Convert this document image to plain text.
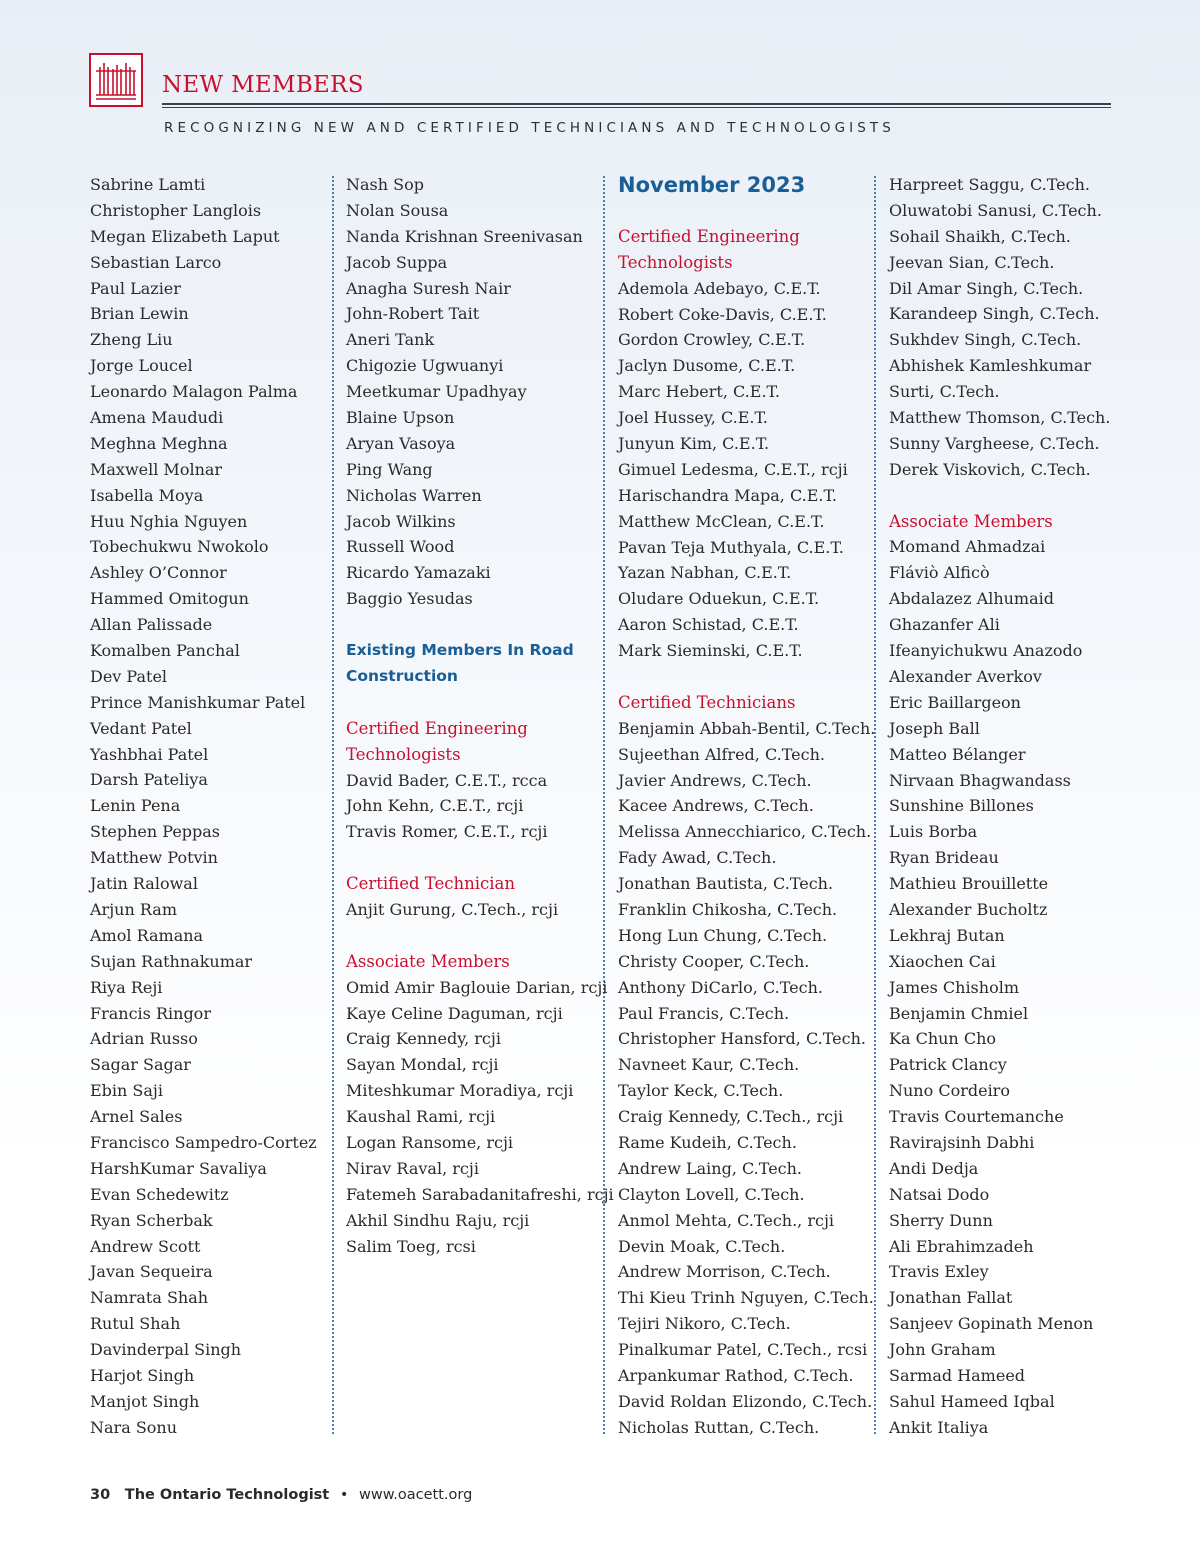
NEW MEMBERS
RECOGNIZING NEW AND CERTIFIED TECHNICIANS AND TECHNOLOGISTS
Sabrine Lamti
Christopher Langlois
Megan Elizabeth Laput
Sebastian Larco
Paul Lazier
Brian Lewin
Zheng Liu
Jorge Loucel
Leonardo Malagon Palma
Amena Maududi
Meghna Meghna
Maxwell Molnar
Isabella Moya
Huu Nghia Nguyen
Tobechukwu Nwokolo
Ashley O’Connor
Hammed Omitogun
Allan Palissade
Komalben Panchal
Dev Patel
Prince Manishkumar Patel
Vedant Patel
Yashbhai Patel
Darsh Pateliya
Lenin Pena
Stephen Peppas
Matthew Potvin
Jatin Ralowal
Arjun Ram
Amol Ramana
Sujan Rathnakumar
Riya Reji
Francis Ringor
Adrian Russo
Sagar Sagar
Ebin Saji
Arnel Sales
Francisco Sampedro-Cortez
HarshKumar Savaliya
Evan Schedewitz
Ryan Scherbak
Andrew Scott
Javan Sequeira
Namrata Shah
Rutul Shah
Davinderpal Singh
Harjot Singh
Manjot Singh
Nara Sonu
Nash Sop
Nolan Sousa
Nanda Krishnan Sreenivasan
Jacob Suppa
Anagha Suresh Nair
John-Robert Tait
Aneri Tank
Chigozie Ugwuanyi
Meetkumar Upadhyay
Blaine Upson
Aryan Vasoya
Ping Wang
Nicholas Warren
Jacob Wilkins
Russell Wood
Ricardo Yamazaki
Baggio Yesudas
Existing Members In Road
Construction
Certified Engineering
Technologists
David Bader, C.E.T., rcca
John Kehn, C.E.T., rcji
Travis Romer, C.E.T., rcji
Certified Technician
Anjit Gurung, C.Tech., rcji
Associate Members
Omid Amir Baglouie Darian, rcji
Kaye Celine Daguman, rcji
Craig Kennedy, rcji
Sayan Mondal, rcji
Miteshkumar Moradiya, rcji
Kaushal Rami, rcji
Logan Ransome, rcji
Nirav Raval, rcji
Fatemeh Sarabadanitafreshi, rcji
Akhil Sindhu Raju, rcji
Salim Toeg, rcsi
November 2023
Certified Engineering
Technologists
Ademola Adebayo, C.E.T.
Robert Coke-Davis, C.E.T.
Gordon Crowley, C.E.T.
Jaclyn Dusome, C.E.T.
Marc Hebert, C.E.T.
Joel Hussey, C.E.T.
Junyun Kim, C.E.T.
Gimuel Ledesma, C.E.T., rcji
Harischandra Mapa, C.E.T.
Matthew McClean, C.E.T.
Pavan Teja Muthyala, C.E.T.
Yazan Nabhan, C.E.T.
Oludare Oduekun, C.E.T.
Aaron Schistad, C.E.T.
Mark Sieminski, C.E.T.
Certified Technicians
Benjamin Abbah-Bentil, C.Tech.
Sujeethan Alfred, C.Tech.
Javier Andrews, C.Tech.
Kacee Andrews, C.Tech.
Melissa Annecchiarico, C.Tech.
Fady Awad, C.Tech.
Jonathan Bautista, C.Tech.
Franklin Chikosha, C.Tech.
Hong Lun Chung, C.Tech.
Christy Cooper, C.Tech.
Anthony DiCarlo, C.Tech.
Paul Francis, C.Tech.
Christopher Hansford, C.Tech.
Navneet Kaur, C.Tech.
Taylor Keck, C.Tech.
Craig Kennedy, C.Tech., rcji
Rame Kudeih, C.Tech.
Andrew Laing, C.Tech.
Clayton Lovell, C.Tech.
Anmol Mehta, C.Tech., rcji
Devin Moak, C.Tech.
Andrew Morrison, C.Tech.
Thi Kieu Trinh Nguyen, C.Tech.
Tejiri Nikoro, C.Tech.
Pinalkumar Patel, C.Tech., rcsi
Arpankumar Rathod, C.Tech.
David Roldan Elizondo, C.Tech.
Nicholas Ruttan, C.Tech.
Harpreet Saggu, C.Tech.
Oluwatobi Sanusi, C.Tech.
Sohail Shaikh, C.Tech.
Jeevan Sian, C.Tech.
Dil Amar Singh, C.Tech.
Karandeep Singh, C.Tech.
Sukhdev Singh, C.Tech.
Abhishek Kamleshkumar
Surti, C.Tech.
Matthew Thomson, C.Tech.
Sunny Vargheese, C.Tech.
Derek Viskovich, C.Tech.
Associate Members
Momand Ahmadzai
Fláviò Alficò
Abdalazez Alhumaid
Ghazanfer Ali
Ifeanyichukwu Anazodo
Alexander Averkov
Eric Baillargeon
Joseph Ball
Matteo Bélanger
Nirvaan Bhagwandass
Sunshine Billones
Luis Borba
Ryan Brideau
Mathieu Brouillette
Alexander Bucholtz
Lekhraj Butan
Xiaochen Cai
James Chisholm
Benjamin Chmiel
Ka Chun Cho
Patrick Clancy
Nuno Cordeiro
Travis Courtemanche
Ravirajsinh Dabhi
Andi Dedja
Natsai Dodo
Sherry Dunn
Ali Ebrahimzadeh
Travis Exley
Jonathan Fallat
Sanjeev Gopinath Menon
John Graham
Sarmad Hameed
Sahul Hameed Iqbal
Ankit Italiya
30 The Ontario Technologist • www.oacett.org
